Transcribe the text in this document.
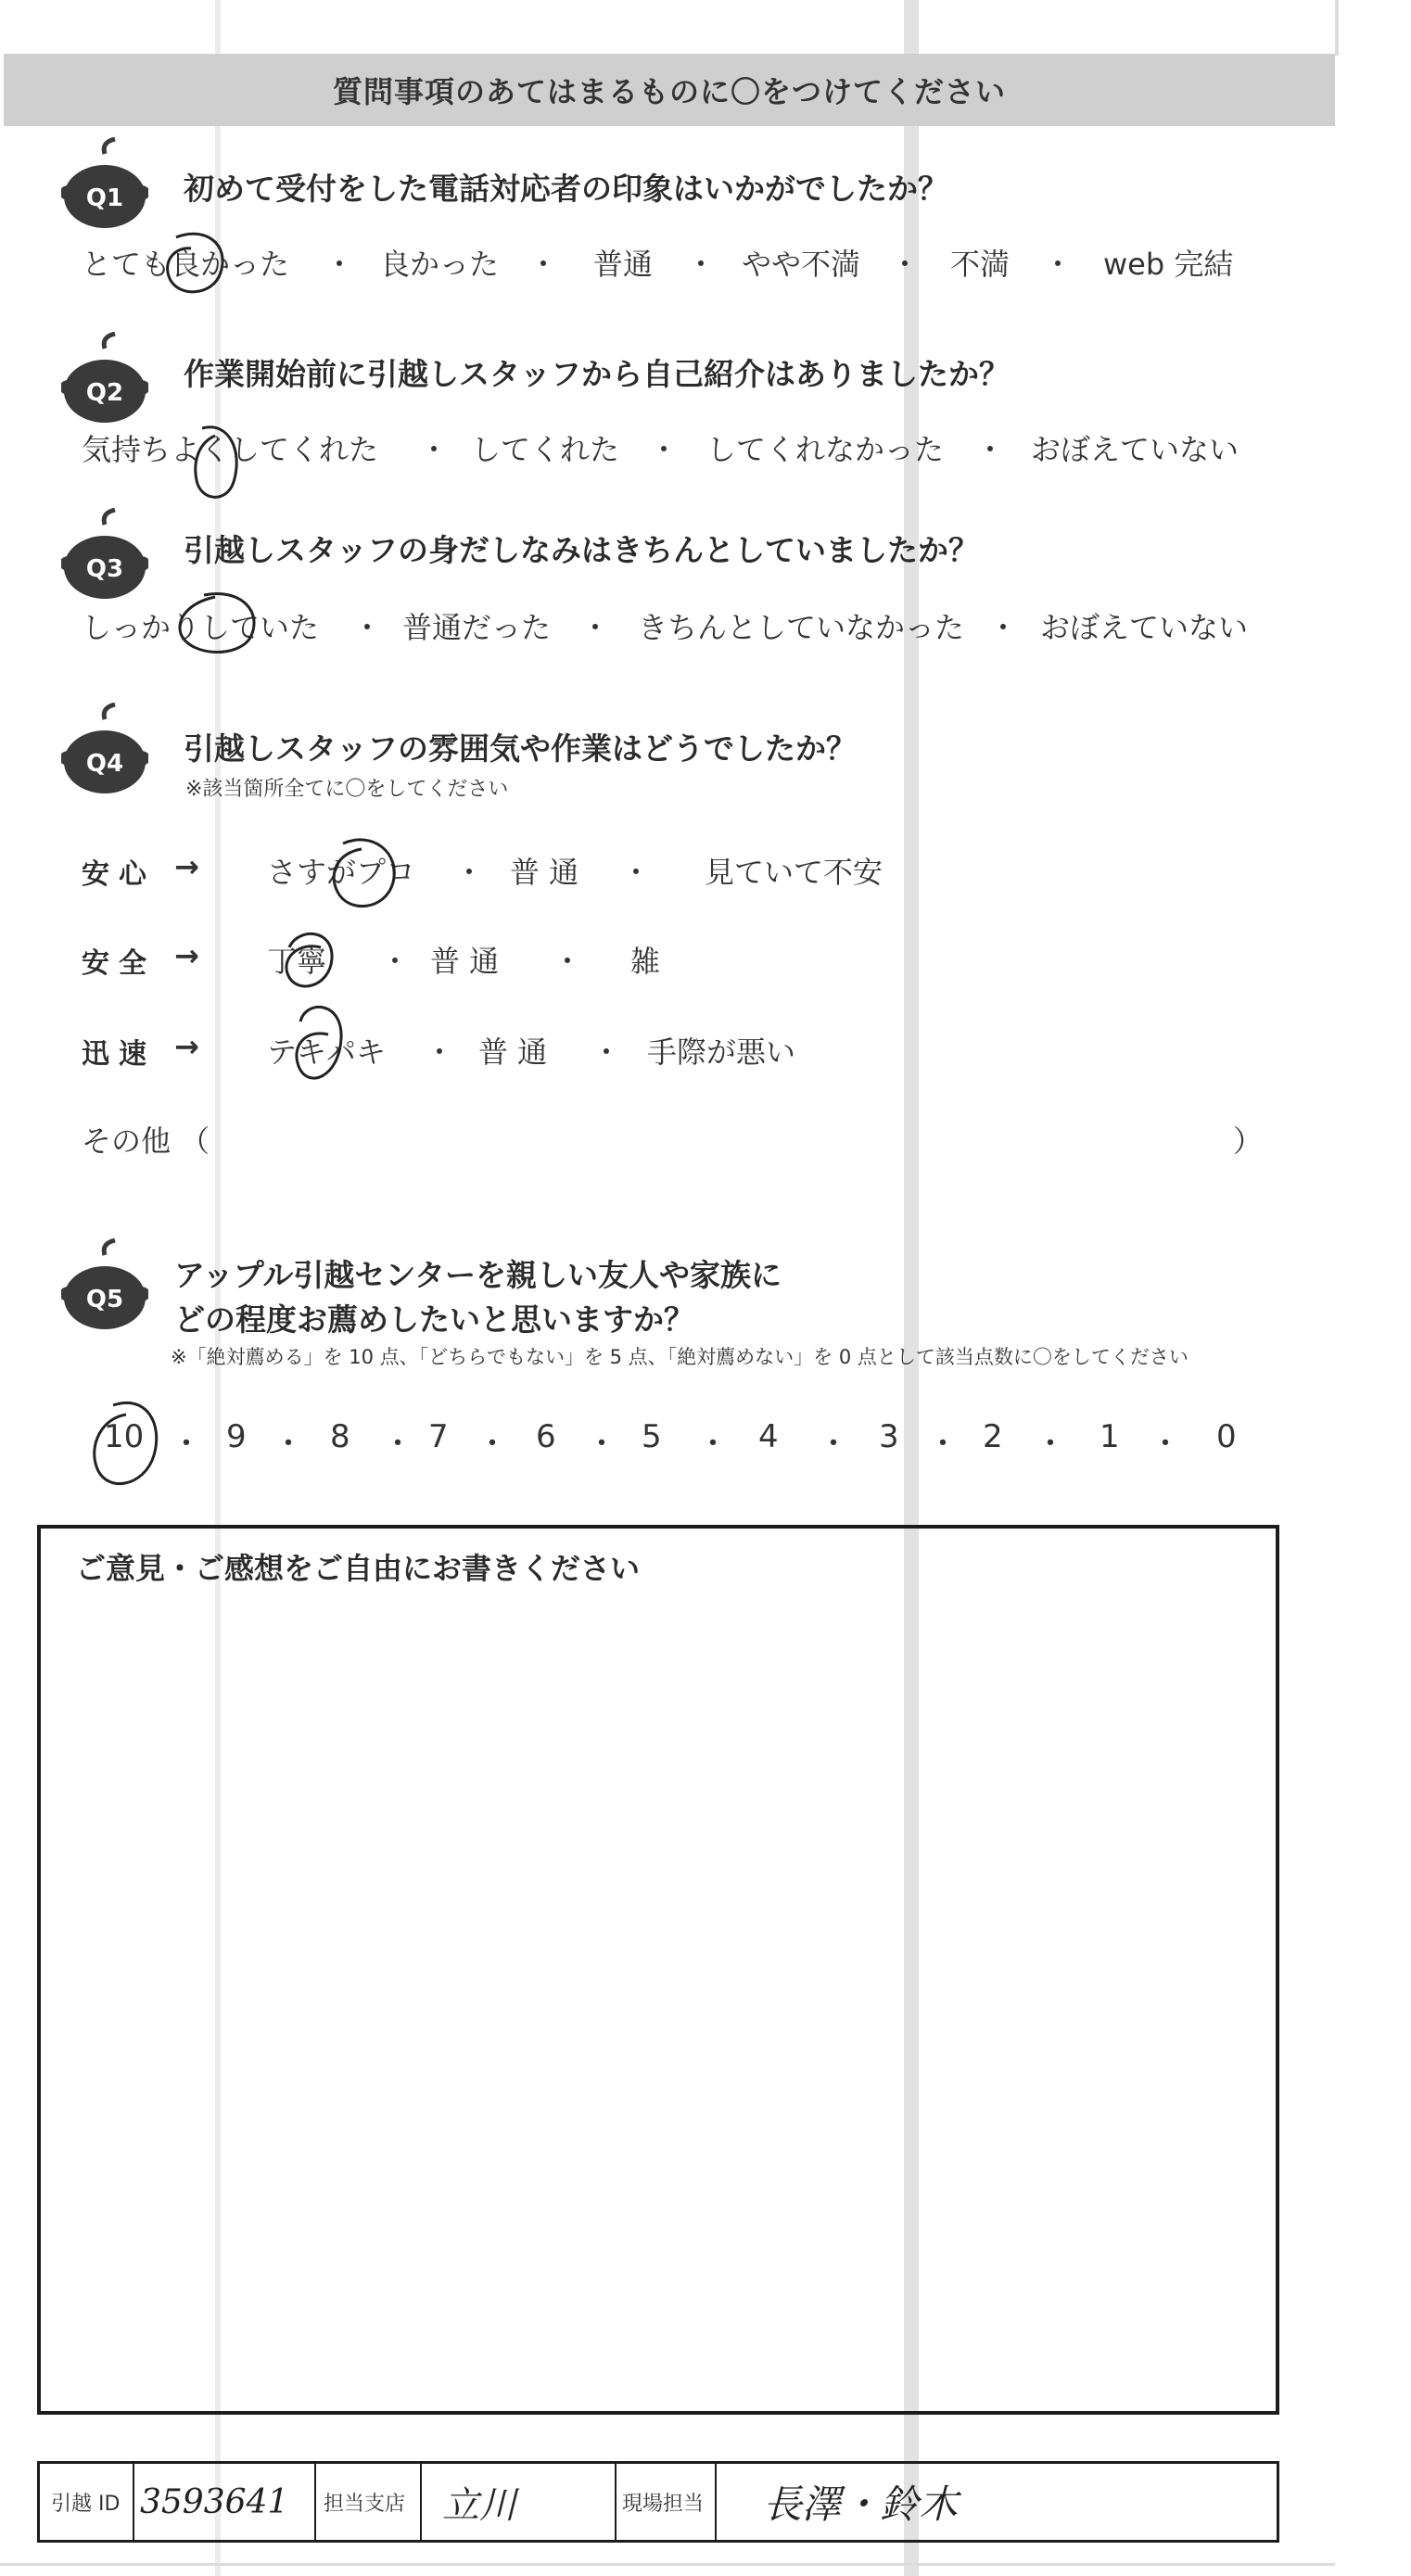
質問事項のあてはまるものに〇をつけてください
Q1 初めて受付をした電話対応者の印象はいかがでしたか？
とても良かった ・ 良かった ・ 普通 ・ やや不満 ・ 不満 ・ web 完結
Q2
作業開始前に引越しスタッフから自己紹介はありましたか？
気持ちよくしてくれた ・ してくれた ・ してくれなかった ・ おぼえていない
Q3
引越しスタッフの身だしなみはきちんとしていましたか？
しっかりしていた ・ 普通だった ・ きちんとしていなかった ・ おぼえていない
Q4 引越しスタッフの雰囲気や作業はどうでしたか？
※該当箇所全てに〇をしてください
安心 → さすがプロ ・ 普 通 ・ 見ていて不安
安全 → 丁寧 ・ 普 通 ・ 雑
迅速 → テキパキ ・ 普 通 ・ 手際が悪い
その他 （	）
Q5
アップル引越センターを親しい友人や家族に
どの程度お薦めしたいと思いますか？
※「絶対薦める」を 10 点、「どちらでもない」を 5 点、「絶対薦めない」を 0 点として該当点数に〇をしてください
10 ・ 9 ・ 8 ・ 7 ・ 6 ・ 5 ・ 4 ・ 3 ・ 2 ・ 1 ・ 0
ご意見・ご感想をご自由にお書きください
引越 ID 3593641	担当支店 立川	現場担当	長澤・鈴木
